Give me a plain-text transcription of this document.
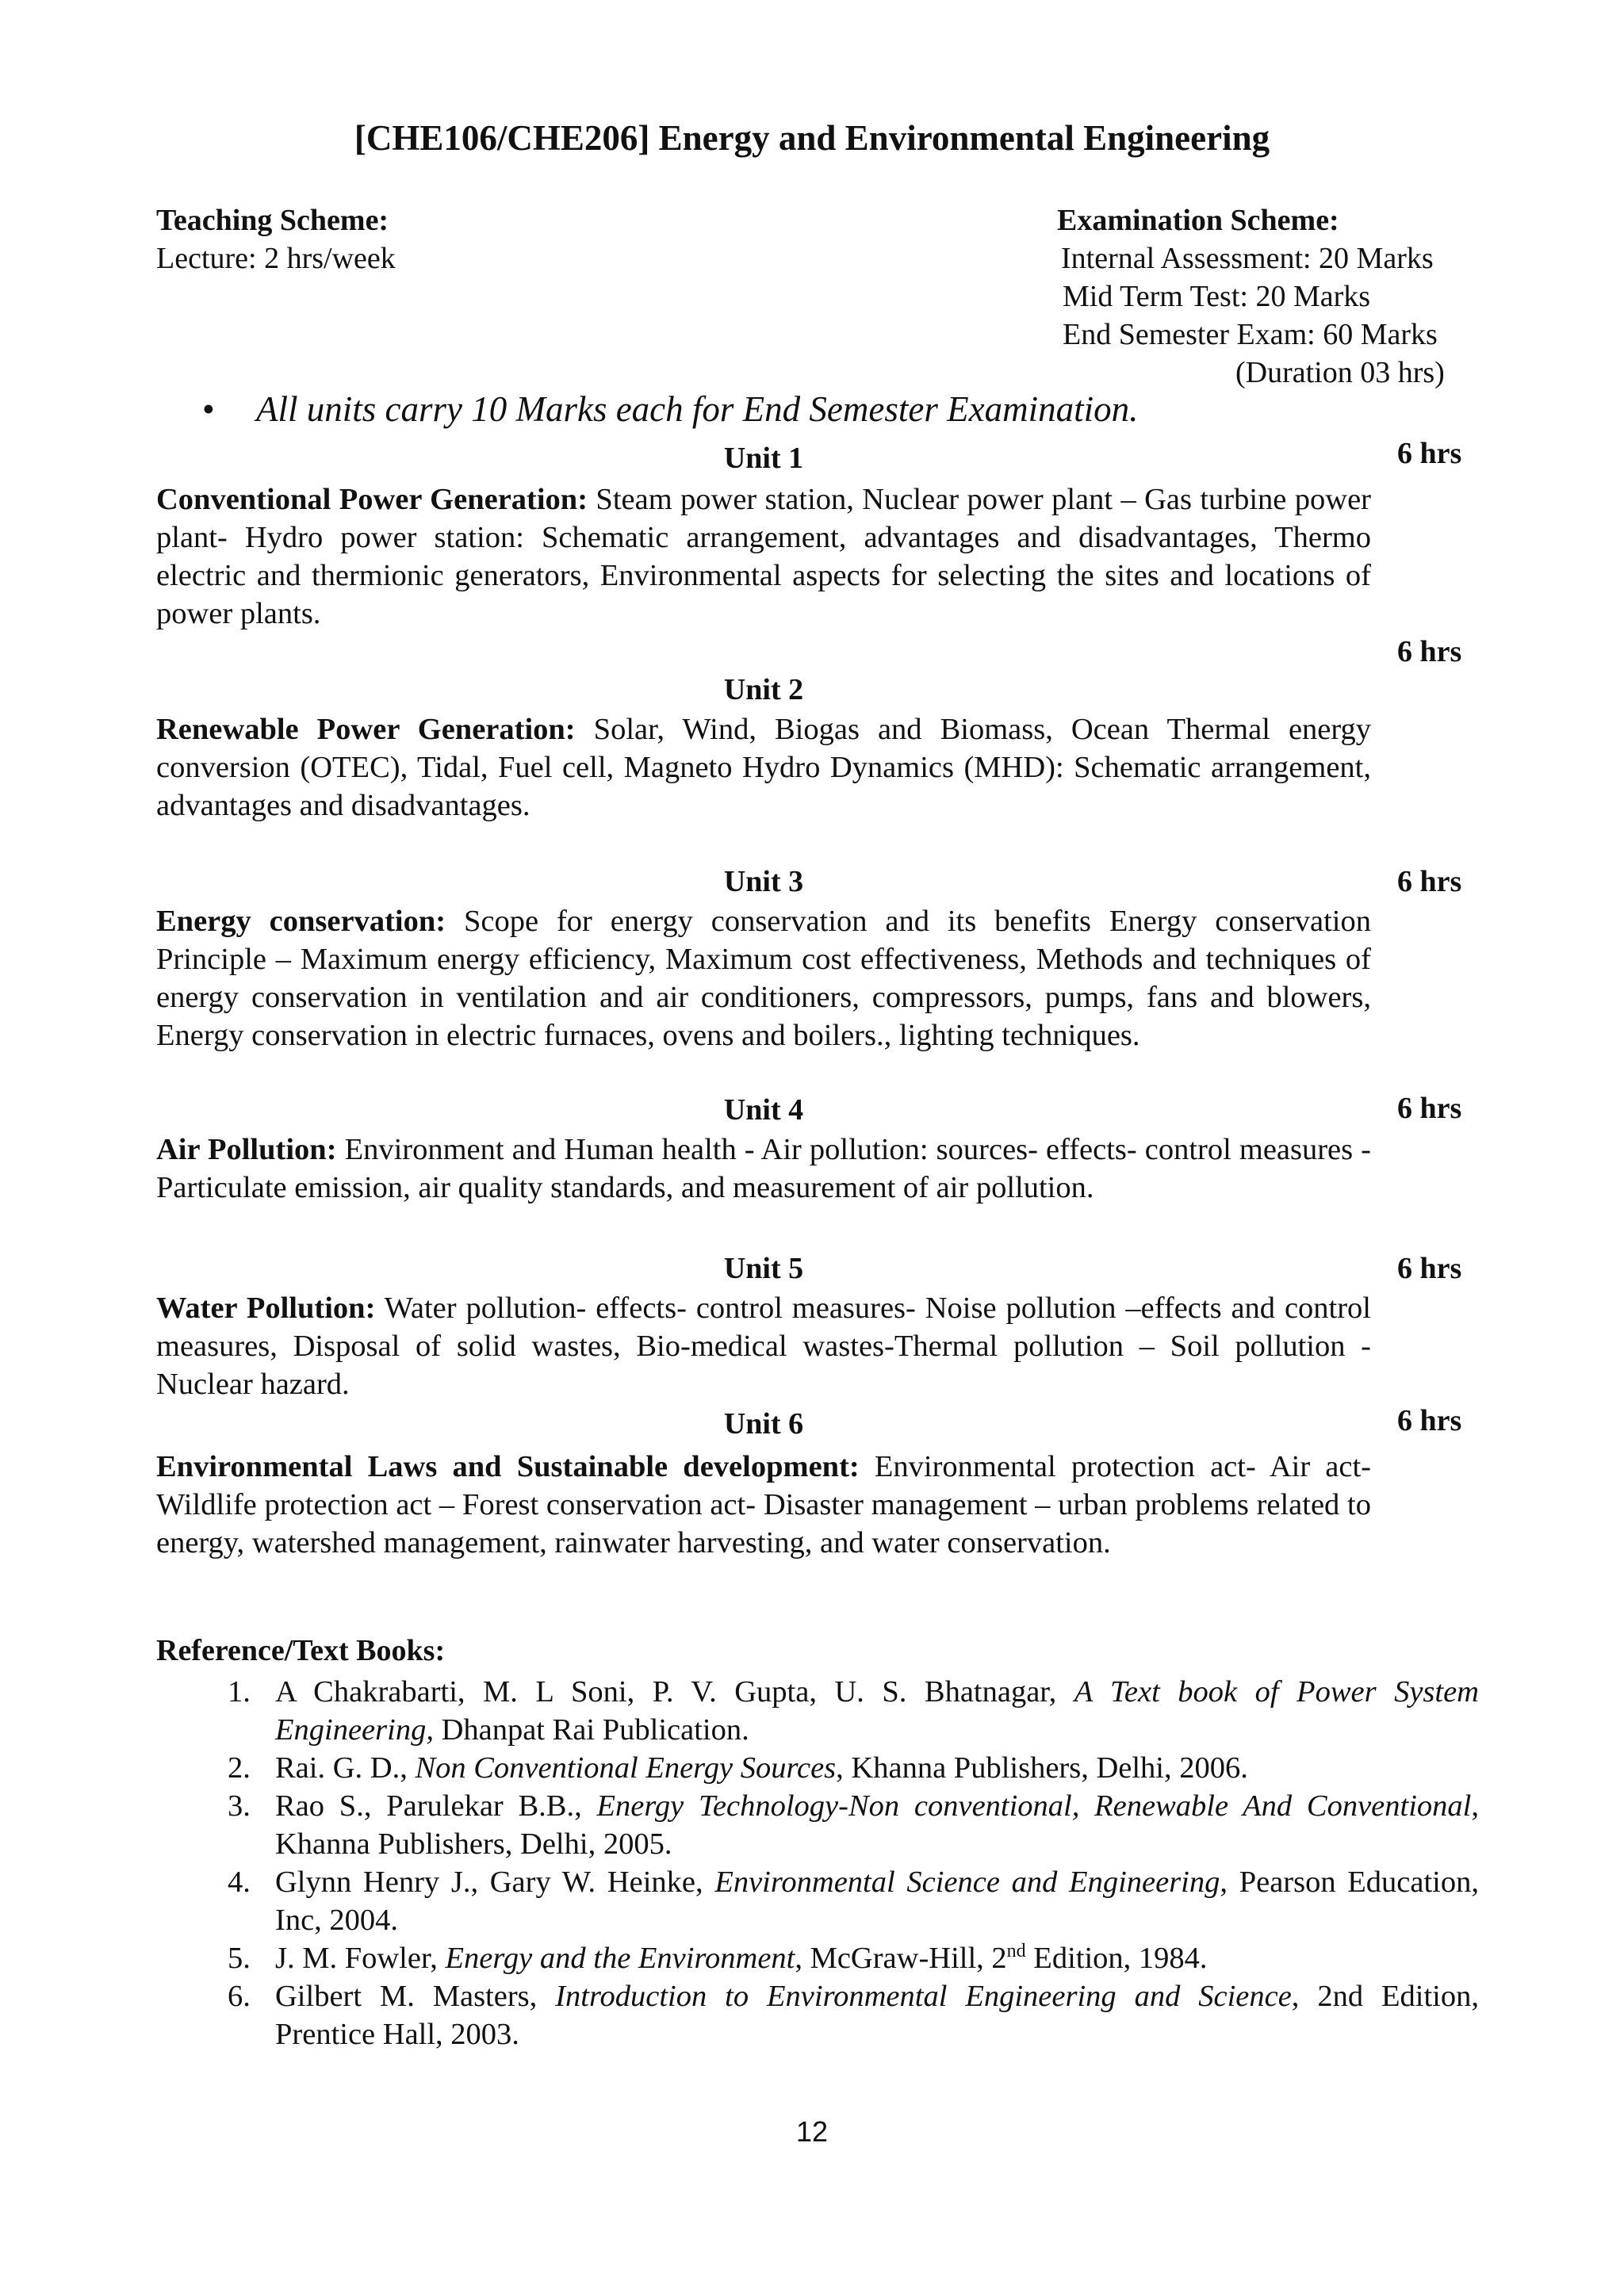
[CHE106/CHE206] Energy and Environmental Engineering
Teaching Scheme:
Lecture: 2 hrs/week
Examination Scheme:
Internal Assessment: 20 Marks
Mid Term Test: 20 Marks
End Semester Exam: 60 Marks
(Duration 03 hrs)
• All units carry 10 Marks each for End Semester Examination.
Unit 1	6 hrs

Conventional Power Generation: Steam power station, Nuclear power plant – Gas turbine power plant- Hydro power station: Schematic arrangement, advantages and disadvantages, Thermo electric and thermionic generators, Environmental aspects for selecting the sites and locations of power plants.

6 hrs
Unit 2

Renewable Power Generation: Solar, Wind, Biogas and Biomass, Ocean Thermal energy conversion (OTEC), Tidal, Fuel cell, Magneto Hydro Dynamics (MHD): Schematic arrangement, advantages and disadvantages.

Unit 3	6 hrs

Energy conservation: Scope for energy conservation and its benefits Energy conservation Principle – Maximum energy efficiency, Maximum cost effectiveness, Methods and techniques of energy conservation in ventilation and air conditioners, compressors, pumps, fans and blowers, Energy conservation in electric furnaces, ovens and boilers., lighting techniques.

Unit 4	6 hrs

Air Pollution: Environment and Human health - Air pollution: sources- effects- control measures - Particulate emission, air quality standards, and measurement of air pollution.

Unit 5	6 hrs

Water Pollution: Water pollution- effects- control measures- Noise pollution –effects and control measures, Disposal of solid wastes, Bio-medical wastes-Thermal pollution – Soil pollution -Nuclear hazard.

Unit 6	6 hrs

Environmental Laws and Sustainable development: Environmental protection act- Air act- Wildlife protection act – Forest conservation act- Disaster management – urban problems related to energy, watershed management, rainwater harvesting, and water conservation.

Reference/Text Books:
1. A Chakrabarti, M. L Soni, P. V. Gupta, U. S. Bhatnagar, A Text book of Power System Engineering, Dhanpat Rai Publication.
2. Rai. G. D., Non Conventional Energy Sources, Khanna Publishers, Delhi, 2006.
3. Rao S., Parulekar B.B., Energy Technology-Non conventional, Renewable And Conventional, Khanna Publishers, Delhi, 2005.
4. Glynn Henry J., Gary W. Heinke, Environmental Science and Engineering, Pearson Education, Inc, 2004.
5. J. M. Fowler, Energy and the Environment, McGraw-Hill, 2nd Edition, 1984.
6. Gilbert M. Masters, Introduction to Environmental Engineering and Science, 2nd Edition, Prentice Hall, 2003.
12
